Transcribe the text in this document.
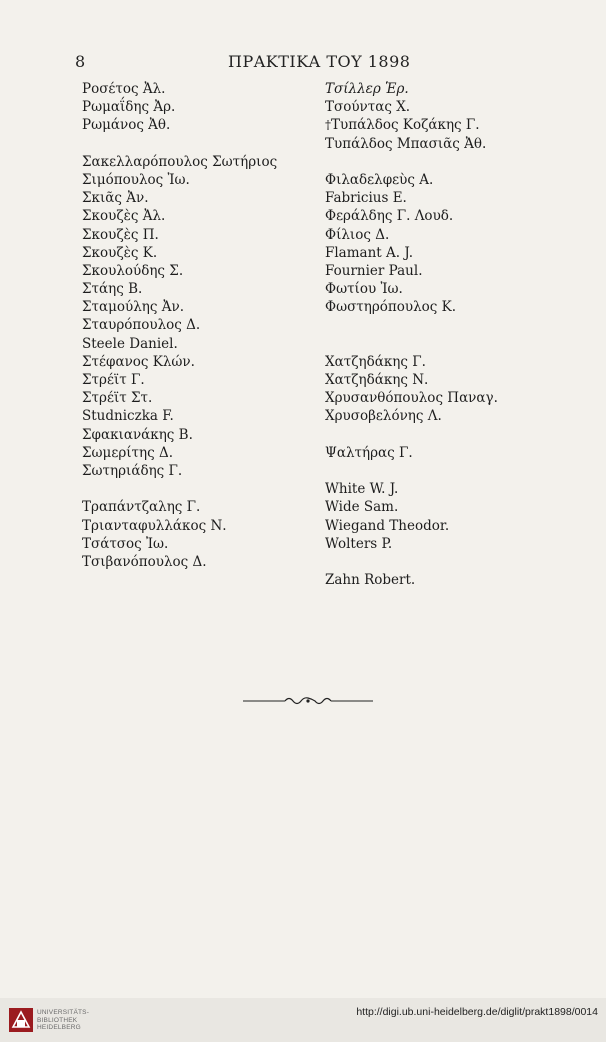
8	ΠΡΑΚΤΙΚΑ ΤΟΥ 1898
Ροσέτος Ἀλ.
Ρωμαΐδης Ἀρ.
Ρωμάνος Ἀθ.
Σακελλαρόπουλος Σωτήριος
Σιμόπουλος Ἰω.
Σκιᾶς Ἀν.
Σκουζὲς Ἀλ.
Σκουζὲς Π.
Σκουζὲς Κ.
Σκουλούδης Σ.
Στάης Β.
Σταμούλης Ἀν.
Σταυρόπουλος Δ.
Steele Daniel.
Στέφανος Κλών.
Στρέϊτ Γ.
Στρέϊτ Στ.
Studniczka F.
Σφακιανάκης Β.
Σωμερίτης Δ.
Σωτηριάδης Γ.
Τραπάντζαλης Γ.
Τριανταφυλλάκος Ν.
Τσάτσος Ἰω.
Τσιβανόπουλος Δ.
Τσίλλερ Ἑρ.
Τσούντας Χ.
†Τυπάλδος Κοζάκης Γ.
Τυπάλδος Μπασιᾶς Ἀθ.
Φιλαδελφεὺς Α.
Fabricius E.
Φεράλδης Γ. Λουδ.
Φίλιος Δ.
Flamant A. J.
Fournier Paul.
Φωτίου Ἰω.
Φωστηρόπουλος Κ.
Χατζηδάκης Γ.
Χατζηδάκης Ν.
Χρυσανθόπουλος Παναγ.
Χρυσοβελόνης Λ.
Ψαλτήρας Γ.
White W. J.
Wide Sam.
Wiegand Theodor.
Wolters P.
Zahn Robert.
UNIVERSITÄTS-
BIBLIOTHEK
HEIDELBERG
http://digi.ub.uni-heidelberg.de/diglit/prakt1898/0014
